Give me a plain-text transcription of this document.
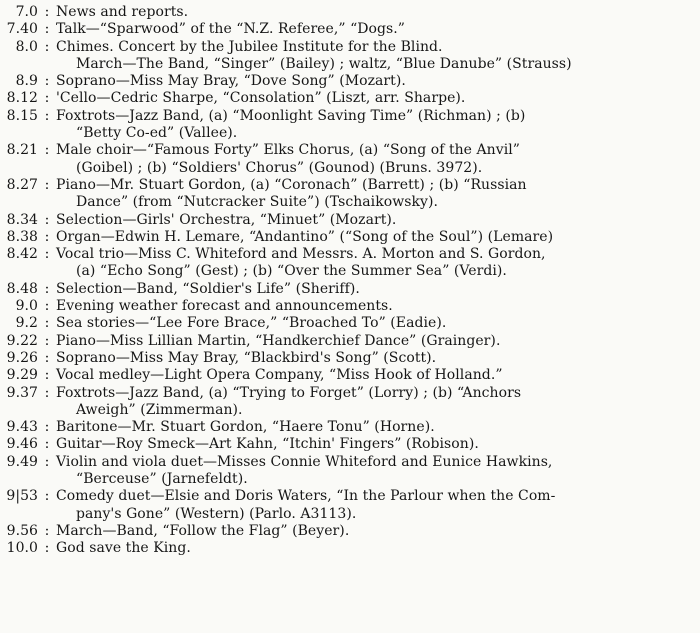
7.0 : News and reports.
7.40 : Talk—“Sparwood” of the “N.Z. Referee,” “Dogs.”
8.0 : Chimes. Concert by the Jubilee Institute for the Blind.
March—The Band, “Singer” (Bailey) ; waltz, “Blue Danube” (Strauss)
8.9 : Soprano—Miss May Bray, “Dove Song” (Mozart).
8.12 : 'Cello—Cedric Sharpe, “Consolation” (Liszt, arr. Sharpe).
8.15 : Foxtrots—Jazz Band, (a) “Moonlight Saving Time” (Richman) ; (b)
“Betty Co-ed” (Vallee).
8.21 : Male choir—“Famous Forty” Elks Chorus, (a) “Song of the Anvil”
(Goibel) ; (b) “Soldiers' Chorus” (Gounod) (Bruns. 3972).
8.27 : Piano—Mr. Stuart Gordon, (a) “Coronach” (Barrett) ; (b) “Russian
Dance” (from “Nutcracker Suite”) (Tschaikowsky).
8.34 : Selection—Girls' Orchestra, “Minuet” (Mozart).
8.38 : Organ—Edwin H. Lemare, “Andantino” (“Song of the Soul”) (Lemare)
8.42 : Vocal trio—Miss C. Whiteford and Messrs. A. Morton and S. Gordon,
(a) “Echo Song” (Gest) ; (b) “Over the Summer Sea” (Verdi).
8.48 : Selection—Band, “Soldier's Life” (Sheriff).
9.0 : Evening weather forecast and announcements.
9.2 : Sea stories—“Lee Fore Brace,” “Broached To” (Eadie).
9.22 : Piano—Miss Lillian Martin, “Handkerchief Dance” (Grainger).
9.26 : Soprano—Miss May Bray, “Blackbird's Song” (Scott).
9.29 : Vocal medley—Light Opera Company, “Miss Hook of Holland.”
9.37 : Foxtrots—Jazz Band, (a) “Trying to Forget” (Lorry) ; (b) “Anchors
Aweigh” (Zimmerman).
9.43 : Baritone—Mr. Stuart Gordon, “Haere Tonu” (Horne).
9.46 : Guitar—Roy Smeck—Art Kahn, “Itchin' Fingers” (Robison).
9.49 : Violin and viola duet—Misses Connie Whiteford and Eunice Hawkins,
“Berceuse” (Jarnefeldt).
9|53 : Comedy duet—Elsie and Doris Waters, “In the Parlour when the Com-
pany's Gone” (Western) (Parlo. A3113).
9.56 : March—Band, “Follow the Flag” (Beyer).
10.0 : God save the King.
